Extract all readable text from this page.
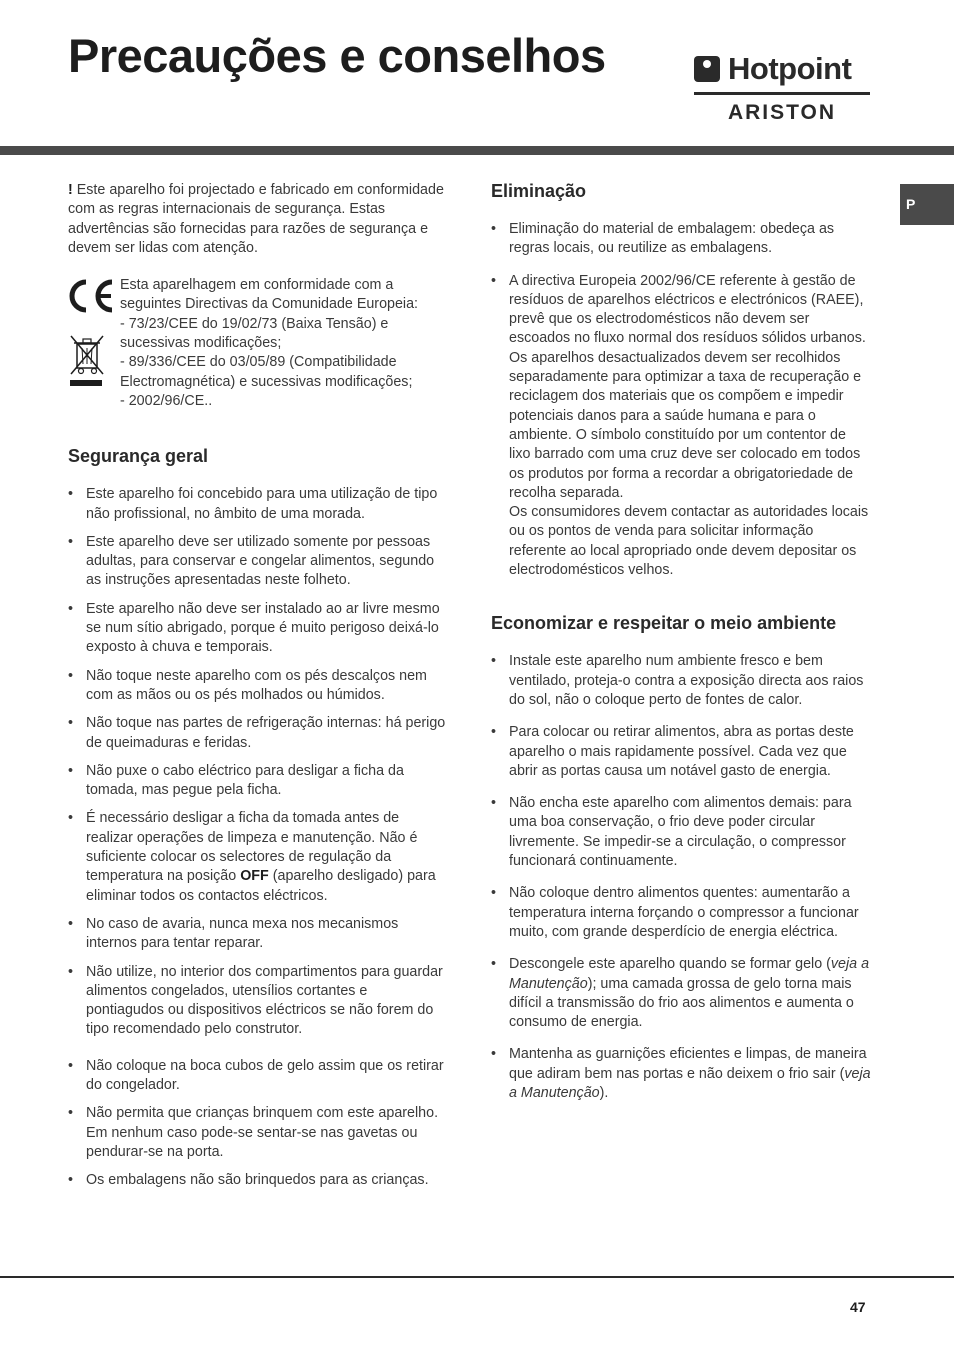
Precauções e conselhos	Hotpoint
ARISTON
P

! Este aparelho foi projectado e fabricado em conformidade com as regras internacionais de segurança. Estas advertências são fornecidas para razões de segurança e devem ser lidas com atenção.

Esta aparelhagem em conformidade com a seguintes Directivas da Comunidade Europeia:
- 73/23/CEE do 19/02/73 (Baixa Tensão) e sucessivas modificações;
- 89/336/CEE do 03/05/89 (Compatibilidade Electromagnética) e sucessivas modificações;
- 2002/96/CE..
Segurança geral
• Este aparelho foi concebido para uma utilização de tipo não profissional, no âmbito de uma morada.
• Este aparelho deve ser utilizado somente por pessoas adultas, para conservar e congelar alimentos, segundo as instruções apresentadas neste folheto.
• Este aparelho não deve ser instalado ao ar livre mesmo se num sítio abrigado, porque é muito perigoso deixá-lo exposto à chuva e temporais.
• Não toque neste aparelho com os pés descalços nem com as mãos ou os pés molhados ou húmidos.
• Não toque nas partes de refrigeração internas: há perigo de queimaduras e feridas.
• Não puxe o cabo eléctrico para desligar a ficha da tomada, mas pegue pela ficha.
• É necessário desligar a ficha da tomada antes de realizar operações de limpeza e manutenção. Não é suficiente colocar os selectores de regulação da temperatura na posição OFF (aparelho desligado) para eliminar todos os contactos eléctricos.
• No caso de avaria, nunca mexa nos mecanismos internos para tentar reparar.
• Não utilize, no interior dos compartimentos para guardar alimentos congelados, utensílios cortantes e pontiagudos ou dispositivos eléctricos se não forem do tipo recomendado pelo construtor.
• Não coloque na boca cubos de gelo assim que os retirar do congelador.
• Não permita que crianças brinquem com este aparelho. Em nenhum caso pode-se sentar-se nas gavetas ou pendurar-se na porta.
• Os embalagens não são brinquedos para as crianças.
Eliminação
• Eliminação do material de embalagem: obedeça as regras locais, ou reutilize as embalagens.
• A directiva Europeia 2002/96/CE referente à gestão de resíduos de aparelhos eléctricos e electrónicos (RAEE), prevê que os electrodomésticos não devem ser escoados no fluxo normal dos resíduos sólidos urbanos. Os aparelhos desactualizados devem ser recolhidos separadamente para optimizar a taxa de recuperação e reciclagem dos materiais que os compõem e impedir potenciais danos para a saúde humana e para o ambiente. O símbolo constituído por um contentor de lixo barrado com uma cruz deve ser colocado em todos os produtos por forma a recordar a obrigatoriedade de recolha separada.
Os consumidores devem contactar as autoridades locais ou os pontos de venda para solicitar informação referente ao local apropriado onde devem depositar os electrodomésticos velhos.
Economizar e respeitar o meio ambiente
• Instale este aparelho num ambiente fresco e bem ventilado, proteja-o contra a exposição directa aos raios do sol, não o coloque perto de fontes de calor.
• Para colocar ou retirar alimentos, abra as portas deste aparelho o mais rapidamente possível. Cada vez que abrir as portas causa um notável gasto de energia.
• Não encha este aparelho com alimentos demais: para uma boa conservação, o frio deve poder circular livremente. Se impedir-se a circulação, o compressor funcionará continuamente.
• Não coloque dentro alimentos quentes: aumentarão a temperatura interna forçando o compressor a funcionar muito, com grande desperdício de energia eléctrica.
• Descongele este aparelho quando se formar gelo (veja a Manutenção); uma camada grossa de gelo torna mais difícil a transmissão do frio aos alimentos e aumenta o consumo de energia.
• Mantenha as guarnições eficientes e limpas, de maneira que adiram bem nas portas e não deixem o frio sair (veja a Manutenção).
47
